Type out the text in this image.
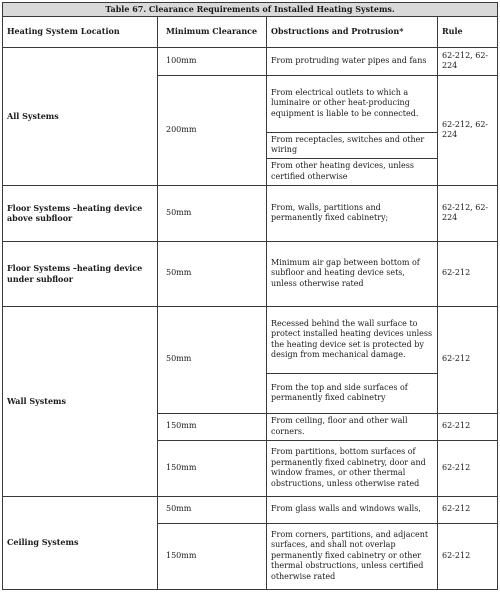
Table 67. Clearance Requirements of Installed Heating Systems.			
Heating System Location	Minimum Clearance	Obstructions and Protrusion*	Rule
All Systems	100mm	From protruding water pipes and fans	62-212, 62-224
	200mm	From electrical outlets to which a luminaire or other heat-producing equipment is liable to be connected.	62-212, 62-224
		From receptacles, switches and other wiring	
		From other heating devices, unless certified otherwise	
Floor Systems –heating device above subfloor	50mm	From, walls, partitions and permanently fixed cabinetry;	62-212, 62-224
Floor Systems –heating device under subfloor	50mm	Minimum air gap between bottom of subfloor and heating device sets, unless otherwise rated	62-212
Wall Systems	50mm	Recessed behind the wall surface to protect installed heating devices unless the heating device set is protected by design from mechanical damage.	62-212
		From the top and side surfaces of permanently fixed cabinetry	
	150mm	From ceiling, floor and other wall corners.	62-212
	150mm	From partitions, bottom surfaces of permanently fixed cabinetry, door and window frames, or other thermal obstructions, unless otherwise rated	62-212
Ceiling Systems	50mm	From glass walls and windows walls,	62-212
	150mm	From corners, partitions, and adjacent surfaces, and shall not overlap permanently fixed cabinetry or other thermal obstructions, unless certified otherwise rated	62-212
